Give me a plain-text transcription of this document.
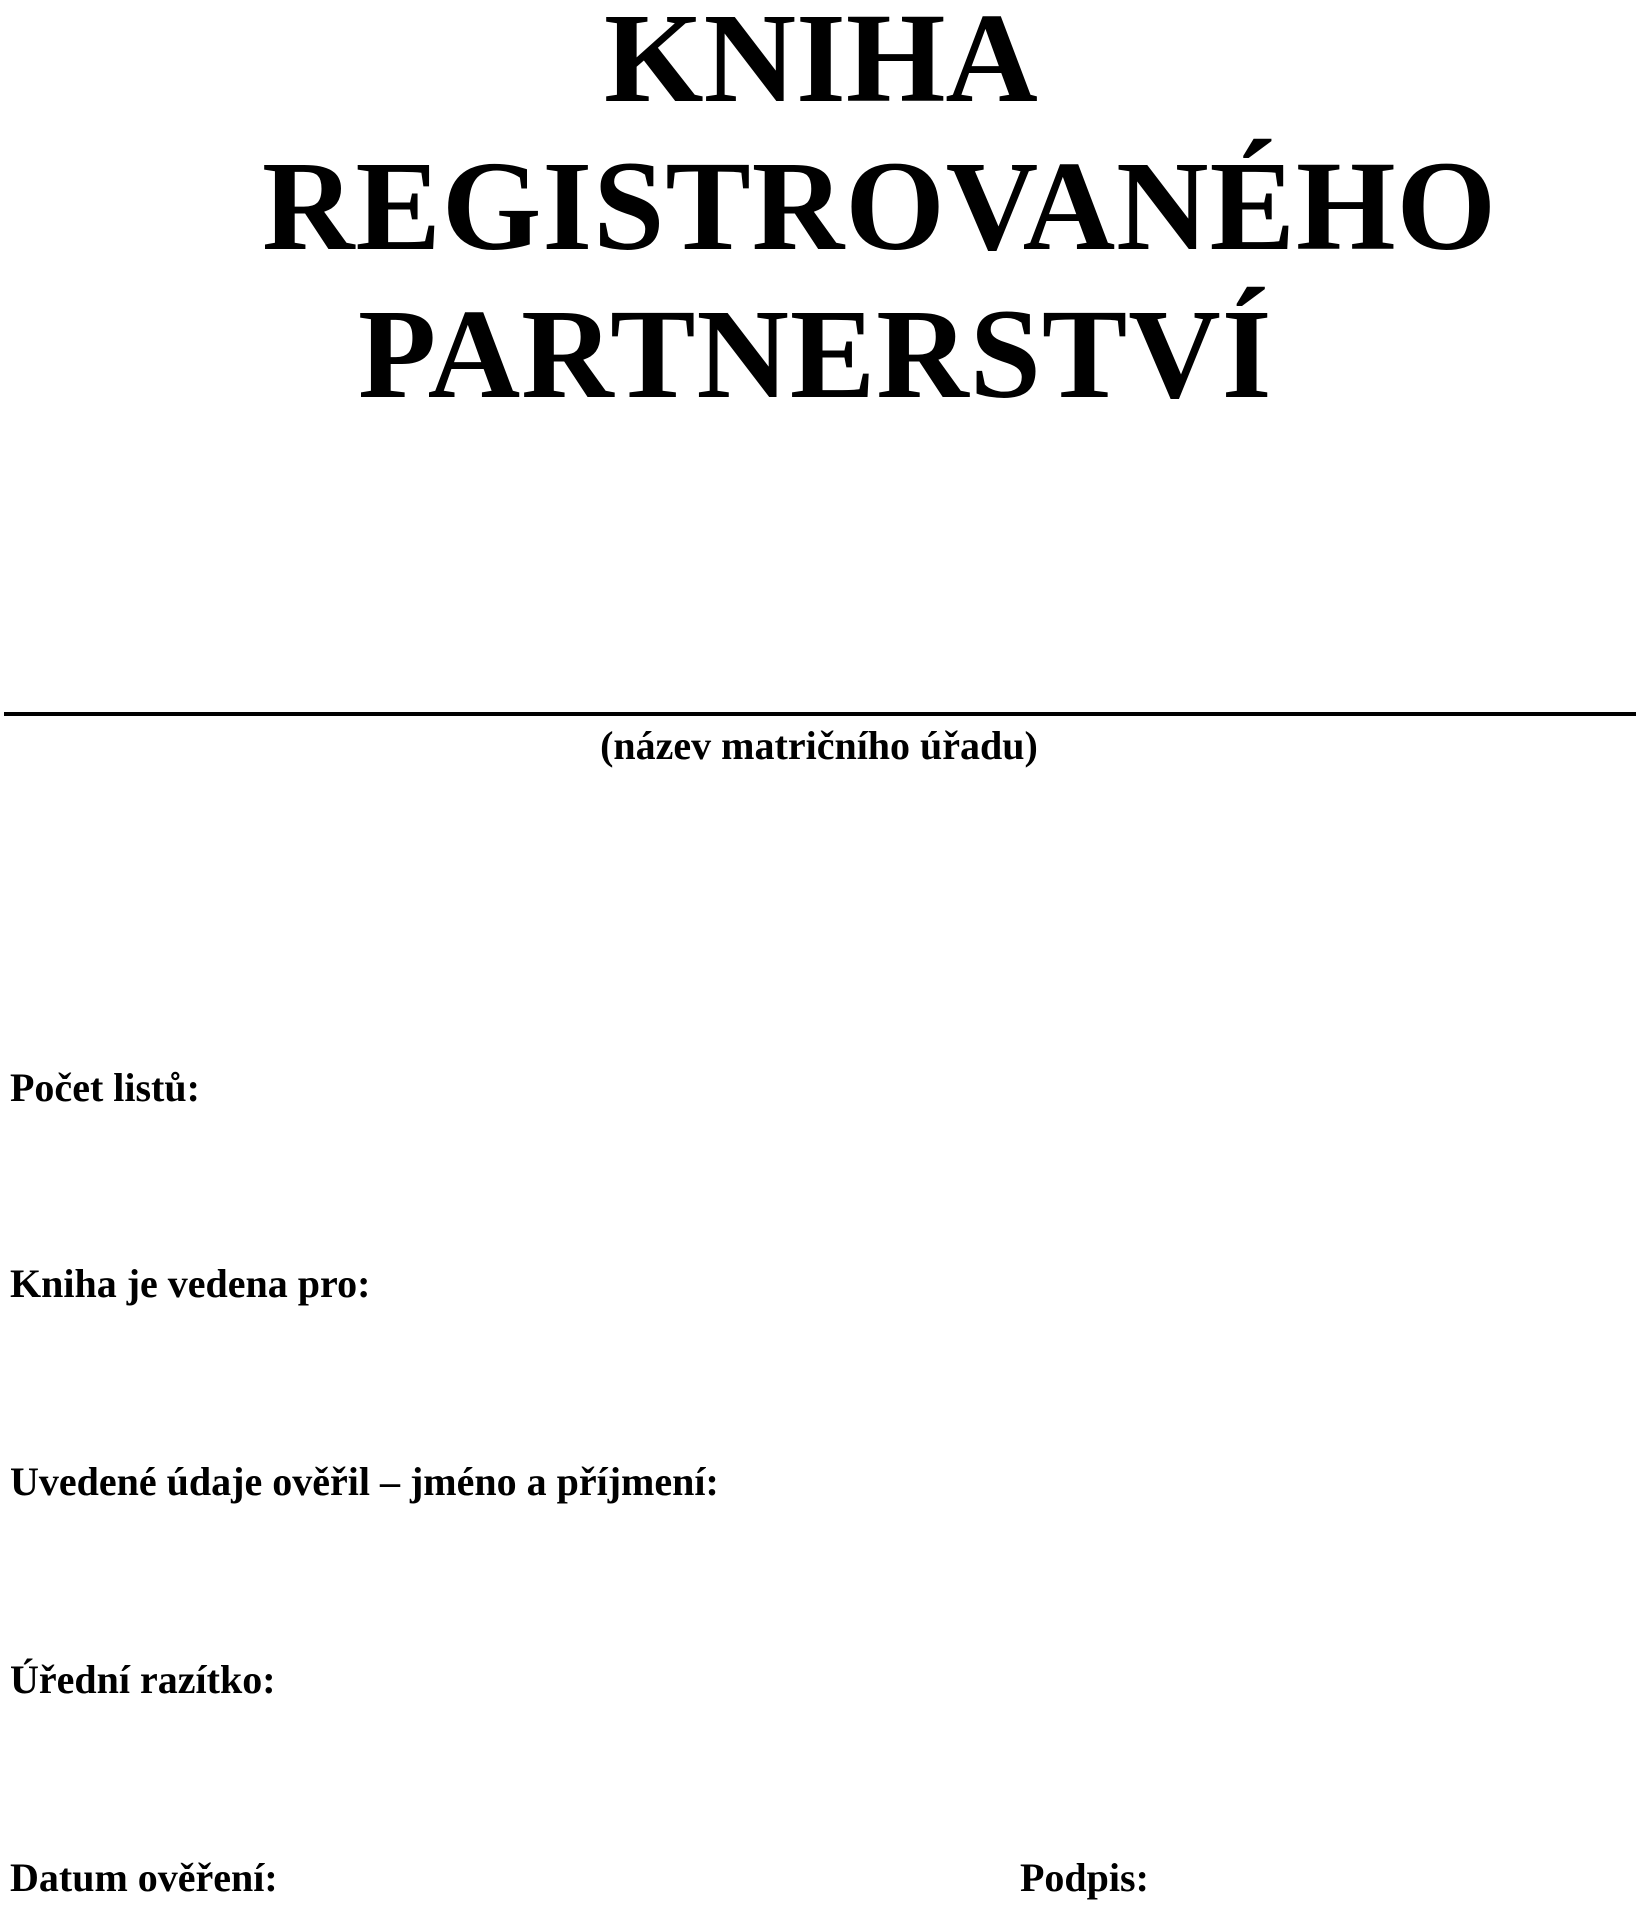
KNIHA
REGISTROVANÉHO
PARTNERSTVÍ

(název matričního úřadu)

Počet listů:

Kniha je vedena pro:

Uvedené údaje ověřil – jméno a příjmení:

Úřední razítko:

Datum ověření:	Podpis:
